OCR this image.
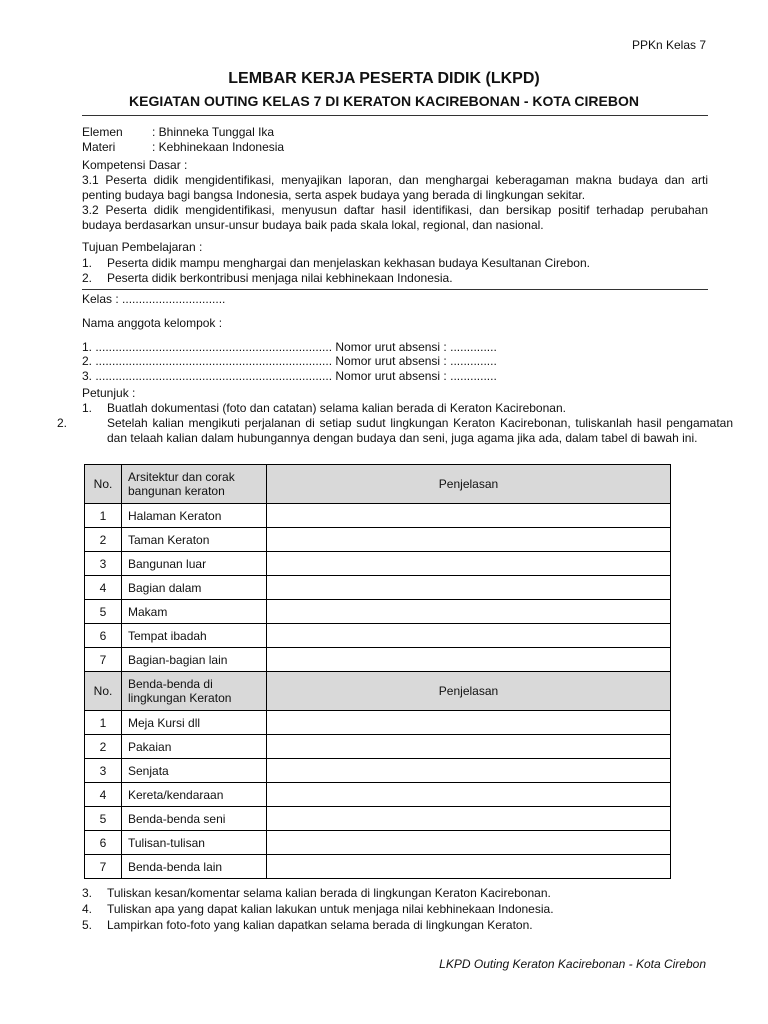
PPKn Kelas 7
LEMBAR KERJA PESERTA DIDIK (LKPD)
KEGIATAN OUTING KELAS 7 DI KERATON KACIREBONAN - KOTA CIREBON
Elemen : Bhinneka Tunggal Ika
Materi	: Kebhinekaan Indonesia
Kompetensi Dasar :
3.1 Peserta didik mengidentifikasi, menyajikan laporan, dan menghargai keberagaman makna budaya dan arti penting budaya bagi bangsa Indonesia, serta aspek budaya yang berada di lingkungan sekitar.
3.2 Peserta didik mengidentifikasi, menyusun daftar hasil identifikasi, dan bersikap positif terhadap perubahan budaya berdasarkan unsur-unsur budaya baik pada skala lokal, regional, dan nasional.
Tujuan Pembelajaran :
1. Peserta didik mampu menghargai dan menjelaskan kekhasan budaya Kesultanan Cirebon.
2. Peserta didik berkontribusi menjaga nilai kebhinekaan Indonesia.
Kelas : ...............................
Nama anggota kelompok :
1. ....................................................................... Nomor urut absensi : ..............
2. ....................................................................... Nomor urut absensi : ..............
3. ....................................................................... Nomor urut absensi : ..............
Petunjuk :
1. Buatlah dokumentasi (foto dan catatan) selama kalian berada di Keraton Kacirebonan.
2.	Setelah kalian mengikuti perjalanan di setiap sudut lingkungan Keraton Kacirebonan, tuliskanlah hasil pengamatan dan telaah kalian dalam hubungannya dengan budaya dan seni, juga agama jika ada, dalam tabel di bawah ini.
No.	Arsitektur dan corak bangunan keraton	Penjelasan
1	Halaman Keraton	
2	Taman Keraton	
3	Bangunan luar	
4	Bagian dalam	
5	Makam	
6	Tempat ibadah	
7	Bagian-bagian lain	
No.	Benda-benda di lingkungan Keraton	Penjelasan
1	Meja Kursi dll	
2	Pakaian	
3	Senjata	
4	Kereta/kendaraan	
5	Benda-benda seni	
6	Tulisan-tulisan	
7	Benda-benda lain	
3. Tuliskan kesan/komentar selama kalian berada di lingkungan Keraton Kacirebonan.
4. Tuliskan apa yang dapat kalian lakukan untuk menjaga nilai kebhinekaan Indonesia.
5. Lampirkan foto-foto yang kalian dapatkan selama berada di lingkungan Keraton.
LKPD Outing Keraton Kacirebonan - Kota Cirebon
